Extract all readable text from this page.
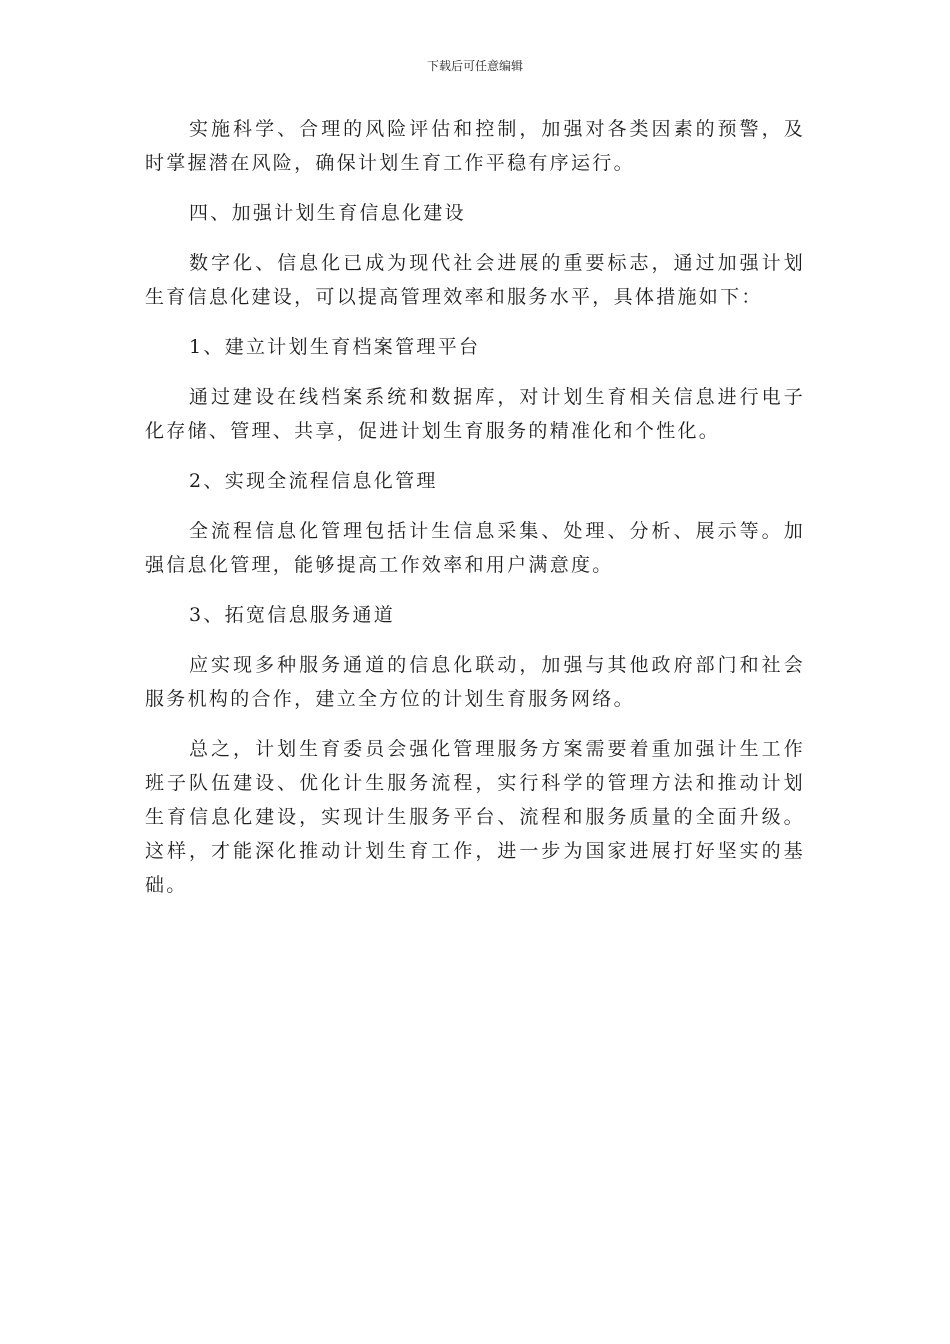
下载后可任意编辑

实施科学、合理的风险评估和控制，加强对各类因素的预警，及时掌握潜在风险，确保计划生育工作平稳有序运行。

四、加强计划生育信息化建设

数字化、信息化已成为现代社会进展的重要标志，通过加强计划生育信息化建设，可以提高管理效率和服务水平，具体措施如下：

1、建立计划生育档案管理平台

通过建设在线档案系统和数据库，对计划生育相关信息进行电子化存储、管理、共享，促进计划生育服务的精准化和个性化。

2、实现全流程信息化管理

全流程信息化管理包括计生信息采集、处理、分析、展示等。加强信息化管理，能够提高工作效率和用户满意度。

3、拓宽信息服务通道

应实现多种服务通道的信息化联动，加强与其他政府部门和社会服务机构的合作，建立全方位的计划生育服务网络。

总之，计划生育委员会强化管理服务方案需要着重加强计生工作班子队伍建设、优化计生服务流程，实行科学的管理方法和推动计划生育信息化建设，实现计生服务平台、流程和服务质量的全面升级。这样，才能深化推动计划生育工作，进一步为国家进展打好坚实的基础。
